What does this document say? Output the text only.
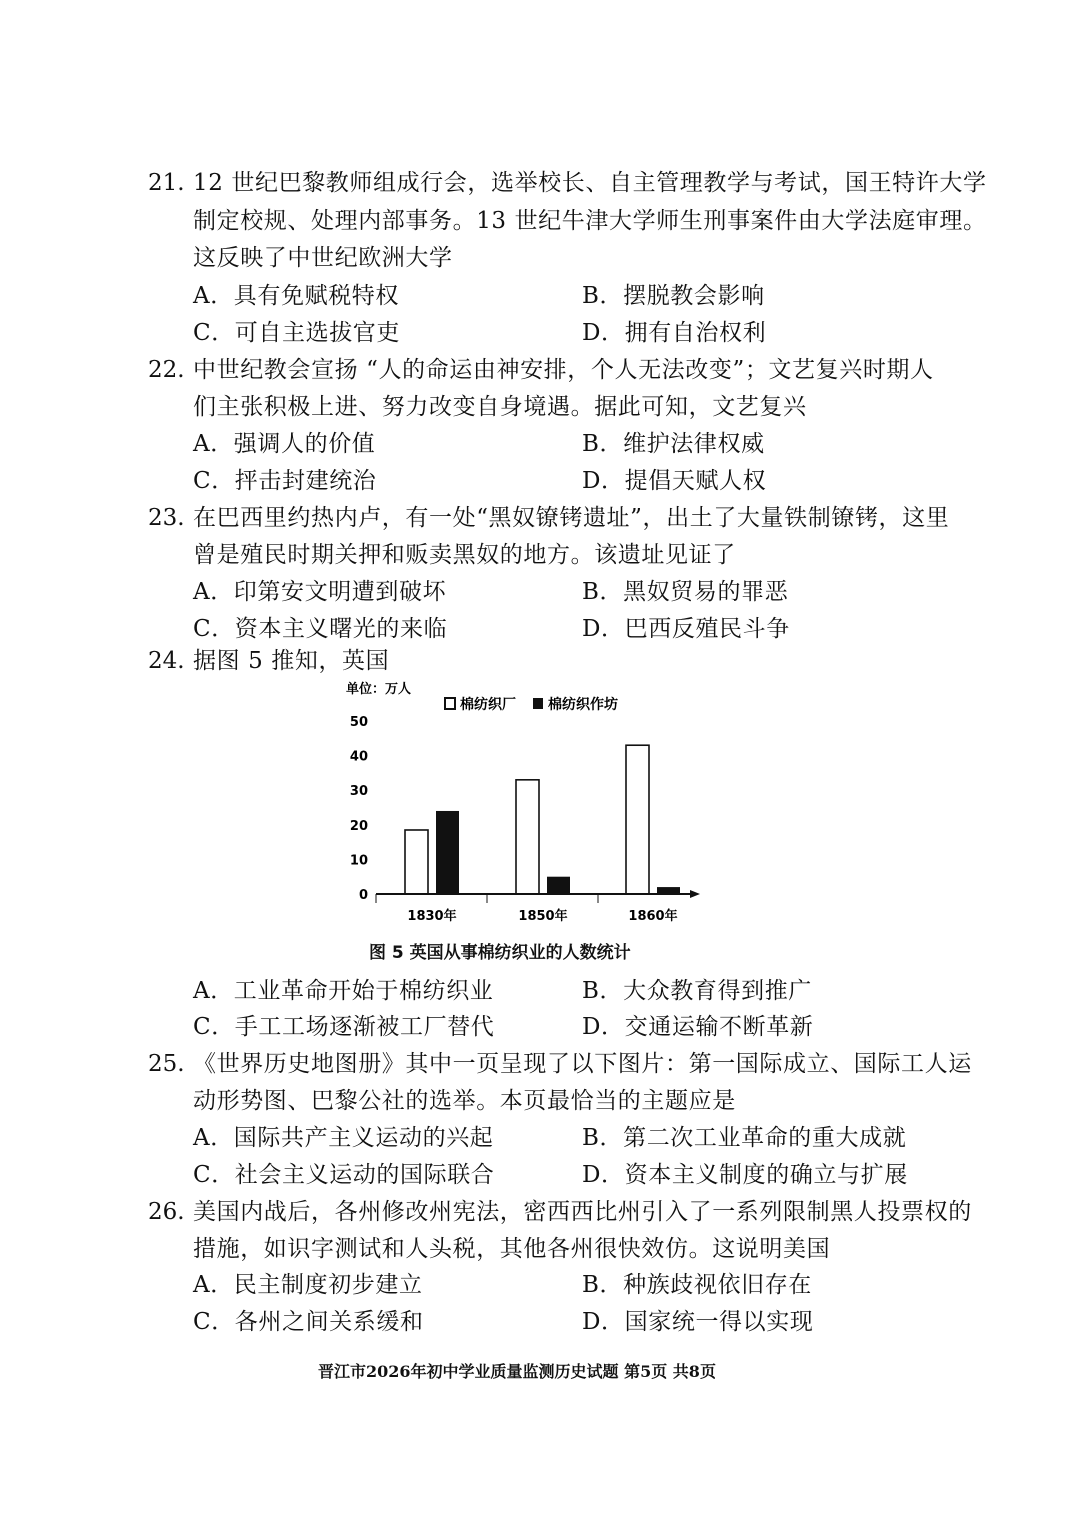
21. 12 世纪巴黎教师组成行会，选举校长、自主管理教学与考试，国王特许大学
制定校规、处理内部事务。13 世纪牛津大学师生刑事案件由大学法庭审理。
这反映了中世纪欧洲大学
A．具有免赋税特权	B．摆脱教会影响
C．可自主选拔官吏	D．拥有自治权利
22. 中世纪教会宣扬 “人的命运由神安排，个人无法改变”；文艺复兴时期人
们主张积极上进、努力改变自身境遇。据此可知，文艺复兴
A．强调人的价值	B．维护法律权威
C．抨击封建统治	D．提倡天赋人权
23. 在巴西里约热内卢，有一处“黑奴镣铐遗址”，出土了大量铁制镣铐，这里
曾是殖民时期关押和贩卖黑奴的地方。该遗址见证了
A．印第安文明遭到破坏	B．黑奴贸易的罪恶
C．资本主义曙光的来临	D．巴西反殖民斗争
24. 据图 5 推知，英国
单位：万人
棉纺织厂 棉纺织作坊
0
10
20
30
40
50
1830年	1850年	1860年
图 5 英国从事棉纺织业的人数统计
A．工业革命开始于棉纺织业	B．大众教育得到推广
C．手工工场逐渐被工厂替代	D．交通运输不断革新
25. 《世界历史地图册》其中一页呈现了以下图片：第一国际成立、国际工人运
动形势图、巴黎公社的选举。本页最恰当的主题应是
A．国际共产主义运动的兴起	B．第二次工业革命的重大成就
C．社会主义运动的国际联合	D．资本主义制度的确立与扩展
26. 美国内战后，各州修改州宪法，密西西比州引入了一系列限制黑人投票权的
措施，如识字测试和人头税，其他各州很快效仿。这说明美国
A．民主制度初步建立	B．种族歧视依旧存在
C．各州之间关系缓和	D．国家统一得以实现
晋江市2026年初中学业质量监测历史试题 第5页 共8页
